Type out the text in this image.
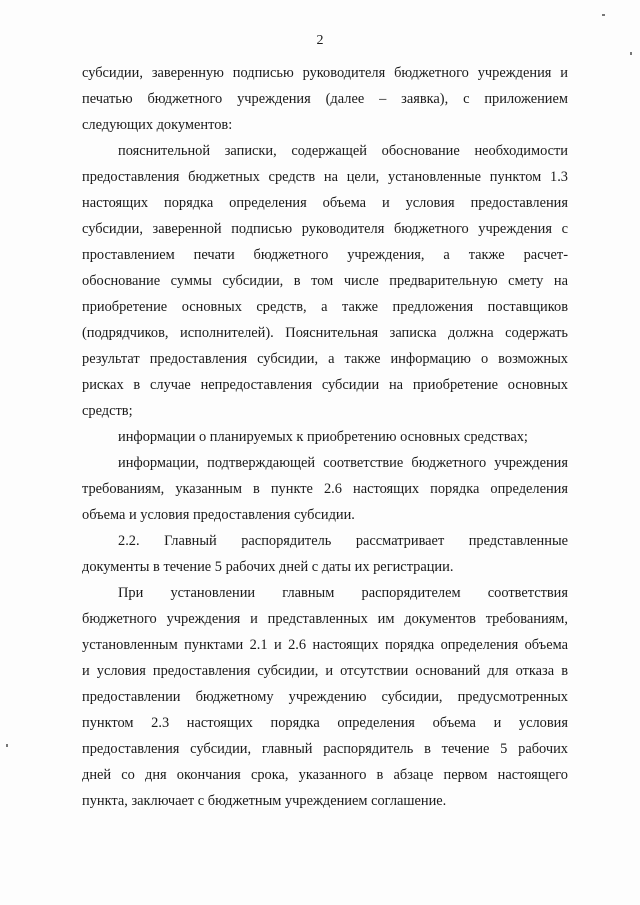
2
субсидии, заверенную подписью руководителя бюджетного учреждения и
печатью бюджетного учреждения (далее – заявка), с приложением
следующих документов:
пояснительной записки, содержащей обоснование необходимости
предоставления бюджетных средств на цели, установленные пунктом 1.3
настоящих порядка определения объема и условия предоставления
субсидии, заверенной подписью руководителя бюджетного учреждения с
проставлением печати бюджетного учреждения, а также расчет-
обоснование суммы субсидии, в том числе предварительную смету на
приобретение основных средств, а также предложения поставщиков
(подрядчиков, исполнителей). Пояснительная записка должна содержать
результат предоставления субсидии, а также информацию о возможных
рисках в случае непредоставления субсидии на приобретение основных
средств;
информации о планируемых к приобретению основных средствах;
информации, подтверждающей соответствие бюджетного учреждения
требованиям, указанным в пункте 2.6 настоящих порядка определения
объема и условия предоставления субсидии.
2.2. Главный распорядитель рассматривает представленные
документы в течение 5 рабочих дней с даты их регистрации.
При установлении главным распорядителем соответствия
бюджетного учреждения и представленных им документов требованиям,
установленным пунктами 2.1 и 2.6 настоящих порядка определения объема
и условия предоставления субсидии, и отсутствии оснований для отказа в
предоставлении бюджетному учреждению субсидии, предусмотренных
пунктом 2.3 настоящих порядка определения объема и условия
предоставления субсидии, главный распорядитель в течение 5 рабочих
дней со дня окончания срока, указанного в абзаце первом настоящего
пункта, заключает с бюджетным учреждением соглашение.
